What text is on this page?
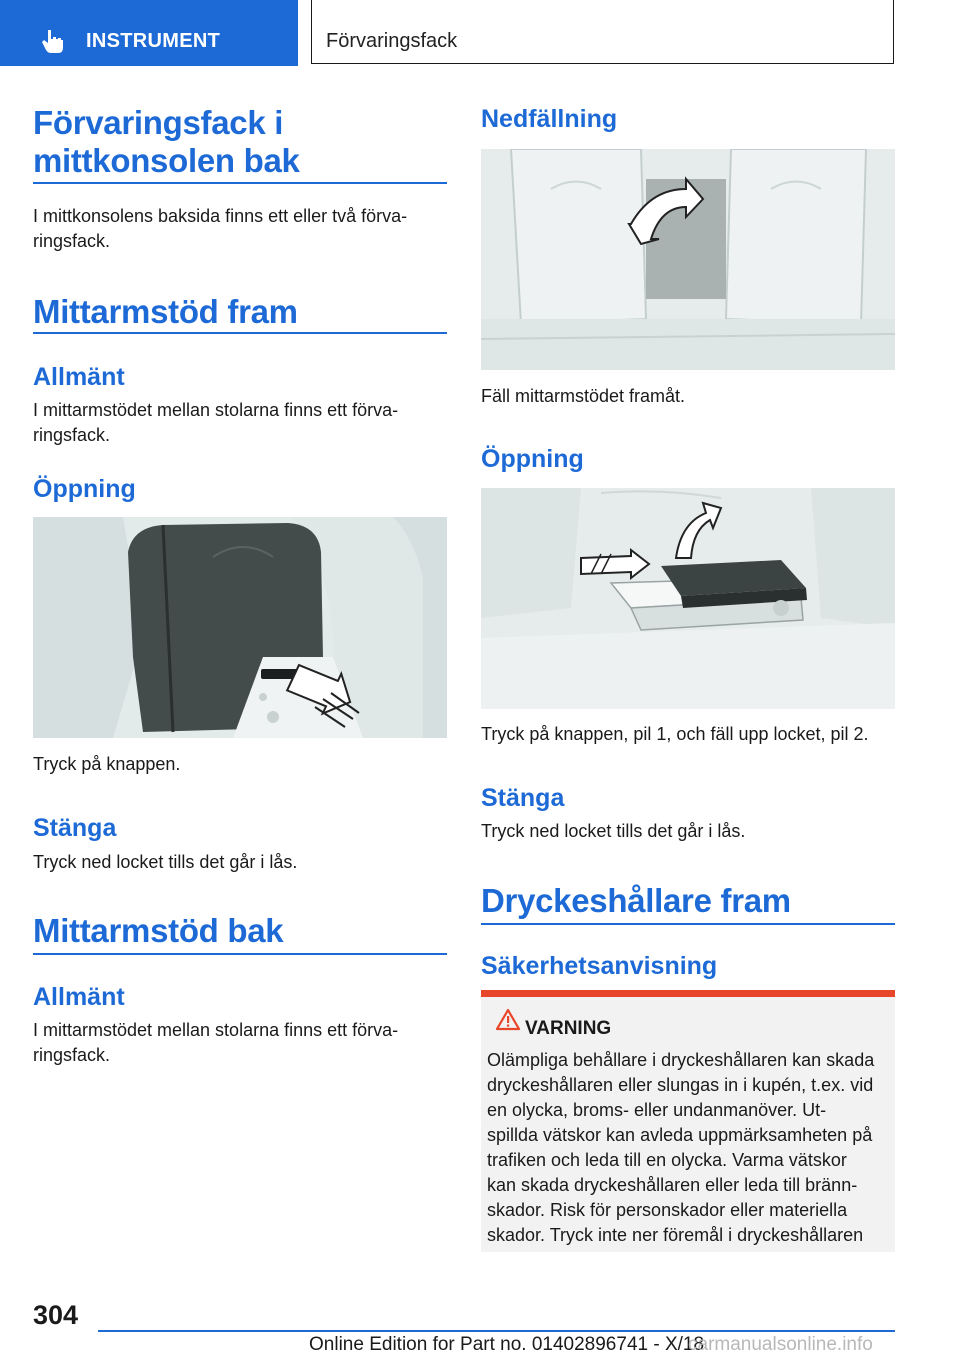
INSTRUMENT	Förvaringsfack
Förvaringsfack i
mittkonsolen bak
I mittkonsolens baksida finns ett eller två förva-
ringsfack.
Mittarmstöd fram
Allmänt
I mittarmstödet mellan stolarna finns ett förva-
ringsfack.
Öppning
Tryck på knappen.
Stänga
Tryck ned locket tills det går i lås.
Mittarmstöd bak
Allmänt
I mittarmstödet mellan stolarna finns ett förva-
ringsfack.
Nedfällning
Fäll mittarmstödet framåt.
Öppning
Tryck på knappen, pil 1, och fäll upp locket, pil 2.
Stänga
Tryck ned locket tills det går i lås.
Dryckeshållare fram
Säkerhetsanvisning
VARNING
Olämpliga behållare i dryckeshållaren kan skada
dryckeshållaren eller slungas in i kupén, t.ex. vid
en olycka, broms- eller undanmanöver. Ut-
spillda vätskor kan avleda uppmärksamheten på
trafiken och leda till en olycka. Varma vätskor
kan skada dryckeshållaren eller leda till bränn-
skador. Risk för personskador eller materiella
skador. Tryck inte ner föremål i dryckeshållaren
304
Online Edition for Part no. 01402896741 - X/18
carmanualsonline.info
